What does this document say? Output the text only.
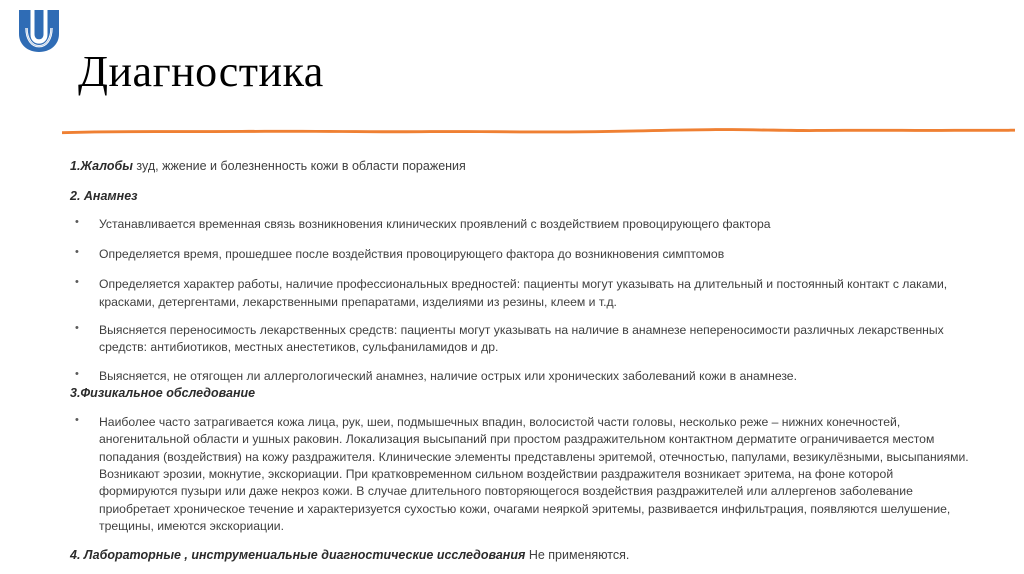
Диагностика

1.Жалобы зуд, жжение и болезненность кожи в области поражения

2. Анамнез

• Устанавливается временная связь возникновения клинических проявлений с воздействием провоцирующего фактора
• Определяется время, прошедшее после воздействия провоцирующего фактора до возникновения симптомов
• Определяется характер работы, наличие профессиональных вредностей: пациенты могут указывать на длительный и постоянный контакт с лаками, красками, детергентами, лекарственными препаратами, изделиями из резины, клеем и т.д.
• Выясняется переносимость лекарственных средств: пациенты могут указывать на наличие в анамнезе непереносимости различных лекарственных средств: антибиотиков, местных анестетиков, сульфаниламидов и др.
• Выясняется, не отягощен ли аллергологический анамнез, наличие острых или хронических заболеваний кожи в анамнезе.

3.Физикальное обследование

• Наиболее часто затрагивается кожа лица, рук, шеи, подмышечных впадин, волосистой части головы, несколько реже – нижних конечностей, аногенитальной области и ушных раковин. Локализация высыпаний при простом раздражительном контактном дерматите ограничивается местом попадания (воздействия) на кожу раздражителя. Клинические элементы представлены эритемой, отечностью, папулами, везикулёзными, высыпаниями. Возникают эрозии, мокнутие, экскориации. При кратковременном сильном воздействии раздражителя возникает эритема, на фоне которой формируются пузыри или даже некроз кожи. В случае длительного повторяющегося воздействия раздражителей или аллергенов заболевание приобретает хроническое течение и характеризуется сухостью кожи, очагами неяркой эритемы, развивается инфильтрация, появляются шелушение, трещины, имеются экскориации.

4. Лабораторные , инструмениальные диагностические исследования Не применяются.
